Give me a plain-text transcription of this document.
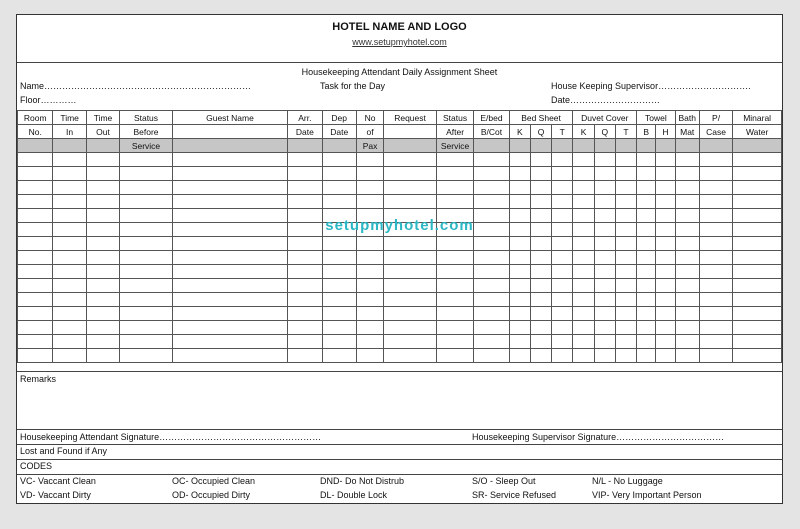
HOTEL NAME AND LOGO
www.setupmyhotel.com
Housekeeping Attendant Daily Assignment Sheet
Name……………………………………………………………	Task for the Day	House Keeping Supervisor………………………….
Floor…………	Date…………………………
Room	Time	Time	Status	Guest Name	Arr.	Dep	No	Request	Status	E/bed	Bed Sheet			Duvet Cover			Towel		Bath	P/	Minaral
No.	In	Out	Before		Date	Date	of		After	B/Cot	K	Q	T	K	Q	T	B	H	Mat	Case	Water
			Service				Pax		Service												

setupmyhotel.com
Remarks
Housekeeping Attendant Signature………………………………………………	Housekeeping Supervisor Signature………………………………
Lost and Found if Any
CODES
VC- Vaccant Clean	OC- Occupied Clean	DND- Do Not Distrub	S/O - Sleep Out	N/L - No Luggage
VD- Vaccant Dirty	OD- Occupied Dirty	DL- Double Lock	SR- Service Refused	VIP- Very Important Person
